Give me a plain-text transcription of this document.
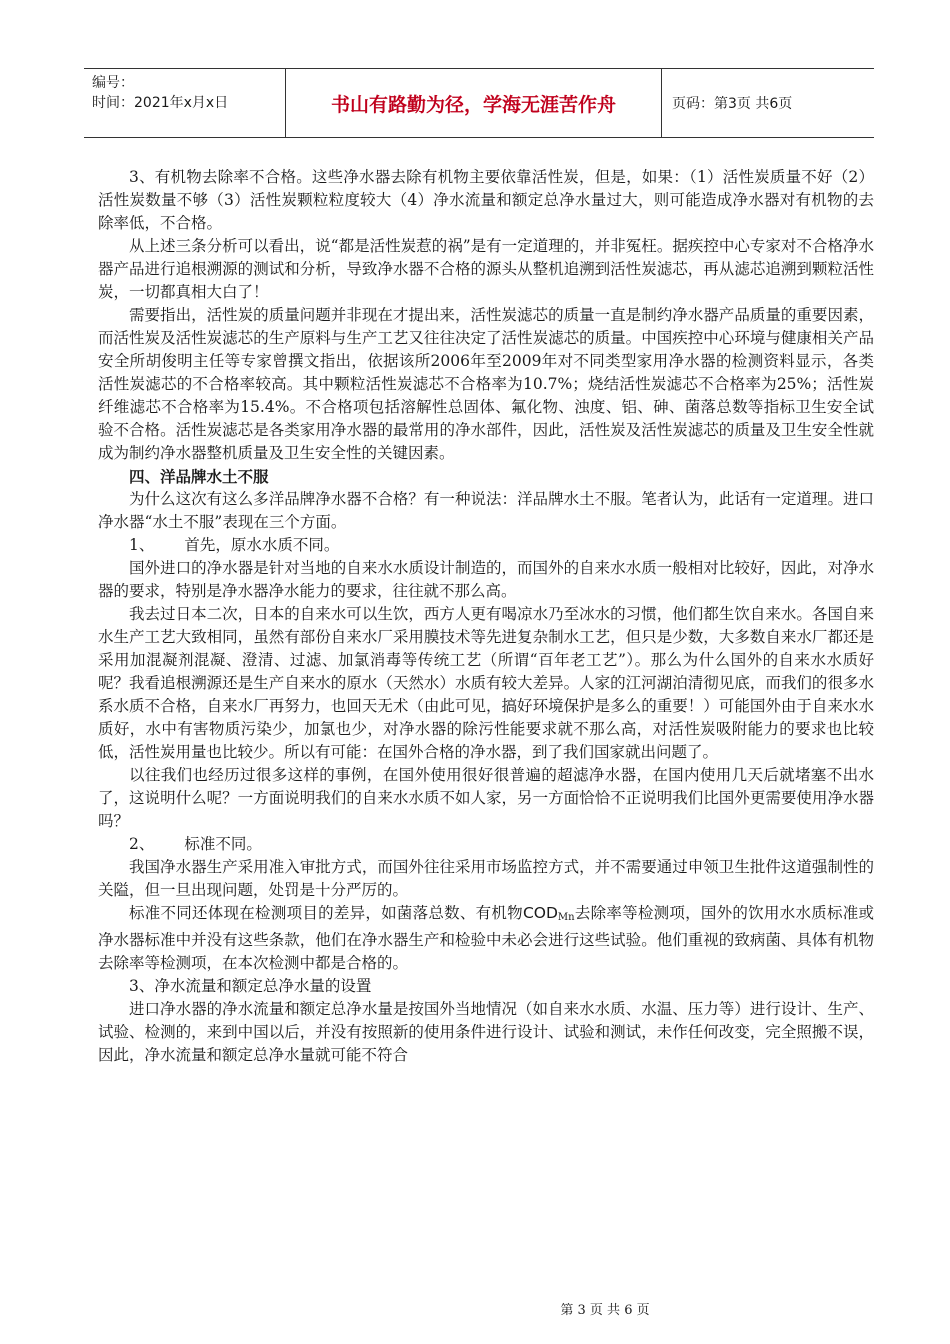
编号：
时间：2021年x月x日	书山有路勤为径，学海无涯苦作舟	页码：第3页 共6页

3、有机物去除率不合格。这些净水器去除有机物主要依靠活性炭，但是，如果：（1）活性炭质量不好（2）活性炭数量不够（3）活性炭颗粒粒度较大（4）净水流量和额定总净水量过大，则可能造成净水器对有机物的去除率低，不合格。

从上述三条分析可以看出，说“都是活性炭惹的祸”是有一定道理的，并非冤枉。据疾控中心专家对不合格净水器产品进行追根溯源的测试和分析，导致净水器不合格的源头从整机追溯到活性炭滤芯，再从滤芯追溯到颗粒活性炭，一切都真相大白了！

需要指出，活性炭的质量问题并非现在才提出来，活性炭滤芯的质量一直是制约净水器产品质量的重要因素，而活性炭及活性炭滤芯的生产原料与生产工艺又往往决定了活性炭滤芯的质量。中国疾控中心环境与健康相关产品安全所胡俊明主任等专家曾撰文指出，依据该所2006年至2009年对不同类型家用净水器的检测资料显示，各类活性炭滤芯的不合格率较高。其中颗粒活性炭滤芯不合格率为10.7%；烧结活性炭滤芯不合格率为25%；活性炭纤维滤芯不合格率为15.4%。不合格项包括溶解性总固体、氟化物、浊度、铝、砷、菌落总数等指标卫生安全试验不合格。活性炭滤芯是各类家用净水器的最常用的净水部件，因此，活性炭及活性炭滤芯的质量及卫生安全性就成为制约净水器整机质量及卫生安全性的关键因素。

四、洋品牌水土不服

为什么这次有这么多洋品牌净水器不合格？有一种说法：洋品牌水土不服。笔者认为，此话有一定道理。进口净水器“水土不服”表现在三个方面。

1、 首先，原水水质不同。

国外进口的净水器是针对当地的自来水水质设计制造的，而国外的自来水水质一般相对比较好，因此，对净水器的要求，特别是净水器净水能力的要求，往往就不那么高。

我去过日本二次，日本的自来水可以生饮，西方人更有喝凉水乃至冰水的习惯，他们都生饮自来水。各国自来水生产工艺大致相同，虽然有部份自来水厂采用膜技术等先进复杂制水工艺，但只是少数，大多数自来水厂都还是采用加混凝剂混凝、澄清、过滤、加氯消毒等传统工艺（所谓“百年老工艺”）。那么为什么国外的自来水水质好呢？我看追根溯源还是生产自来水的原水（天然水）水质有较大差异。人家的江河湖泊清彻见底，而我们的很多水系水质不合格，自来水厂再努力，也回天无术（由此可见，搞好环境保护是多么的重要！）可能国外由于自来水水质好，水中有害物质污染少，加氯也少，对净水器的除污性能要求就不那么高，对活性炭吸附能力的要求也比较低，活性炭用量也比较少。所以有可能：在国外合格的净水器，到了我们国家就出问题了。

以往我们也经历过很多这样的事例，在国外使用很好很普遍的超滤净水器，在国内使用几天后就堵塞不出水了，这说明什么呢？一方面说明我们的自来水水质不如人家，另一方面恰恰不正说明我们比国外更需要使用净水器吗？

2、 标准不同。

我国净水器生产采用准入审批方式，而国外往往采用市场监控方式，并不需要通过申领卫生批件这道强制性的关隘，但一旦出现问题，处罚是十分严厉的。

标准不同还体现在检测项目的差异，如菌落总数、有机物$COD_{Mn}$去除率等检测项，国外的饮用水水质标准或净水器标准中并没有这些条款，他们在净水器生产和检验中未必会进行这些试验。他们重视的致病菌、具体有机物去除率等检测项，在本次检测中都是合格的。

3、净水流量和额定总净水量的设置

进口净水器的净水流量和额定总净水量是按国外当地情况（如自来水水质、水温、压力等）进行设计、生产、试验、检测的，来到中国以后，并没有按照新的使用条件进行设计、试验和测试，未作任何改变，完全照搬不误，因此，净水流量和额定总净水量就可能不符合

第 3 页 共 6 页
